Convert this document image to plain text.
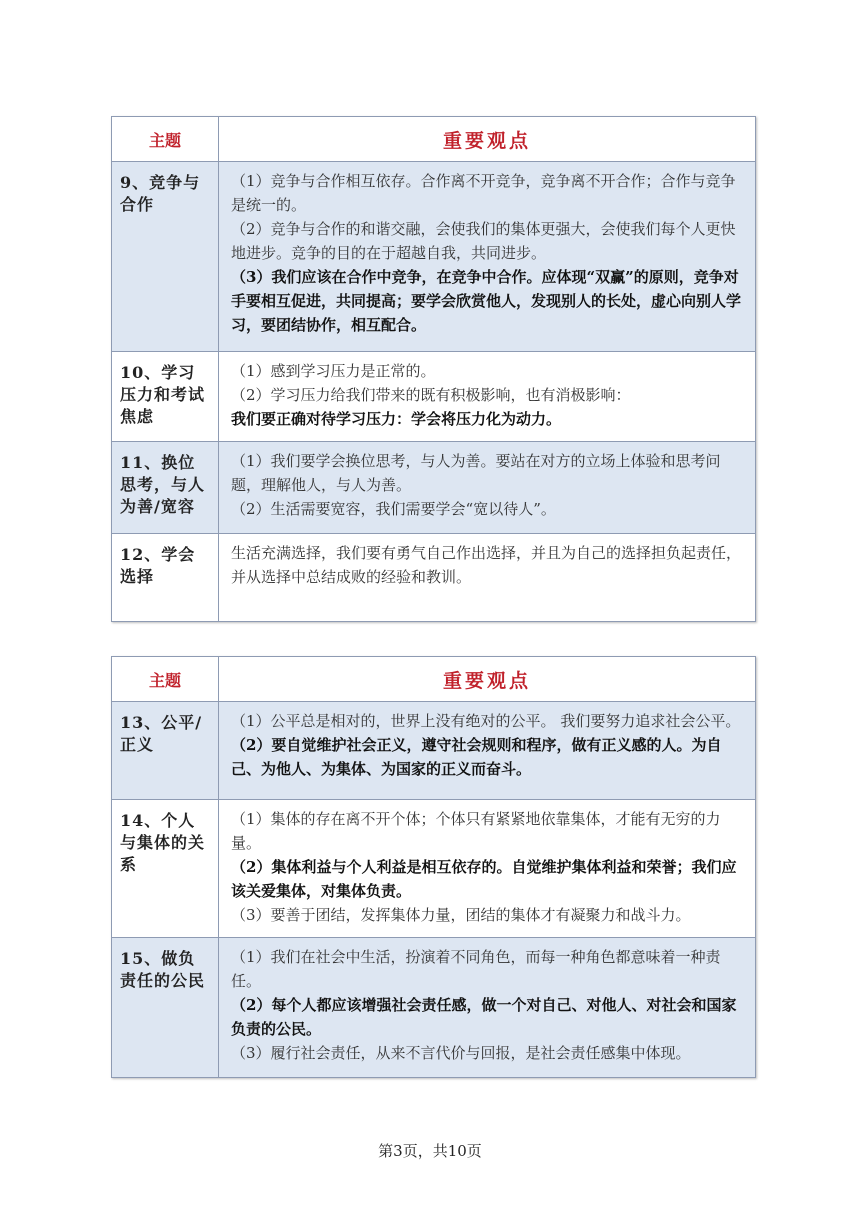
主题	重要观点
9、竞争与合作	（1）竞争与合作相互依存。合作离不开竞争，竞争离不开合作；合作与竞争是统一的。

（2）竞争与合作的和谐交融，会使我们的集体更强大，会使我们每个人更快地进步。竞争的目的在于超越自我，共同进步。

（3）我们应该在合作中竞争，在竞争中合作。应体现“双赢”的原则，竞争对手要相互促进，共同提高；要学会欣赏他人，发现别人的长处，虚心向别人学习，要团结协作，相互配合。

10、学习压力和考试焦虑	（1）感到学习压力是正常的。

（2）学习压力给我们带来的既有积极影响，也有消极影响：

我们要正确对待学习压力：学会将压力化为动力。

11、换位思考，与人为善/宽容	（1）我们要学会换位思考，与人为善。要站在对方的立场上体验和思考问题，理解他人，与人为善。

（2）生活需要宽容，我们需要学会“宽以待人”。

12、学会选择	生活充满选择，我们要有勇气自己作出选择，并且为自己的选择担负起责任，并从选择中总结成败的经验和教训。

主题	重要观点
13、公平/正义	（1）公平总是相对的，世界上没有绝对的公平。 我们要努力追求社会公平。

（2）要自觉维护社会正义，遵守社会规则和程序，做有正义感的人。为自己、为他人、为集体、为国家的正义而奋斗。

14、个人与集体的关系	（1）集体的存在离不开个体；个体只有紧紧地依靠集体，才能有无穷的力量。

（2）集体利益与个人利益是相互依存的。自觉维护集体利益和荣誉；我们应该关爱集体，对集体负责。

（3）要善于团结，发挥集体力量，团结的集体才有凝聚力和战斗力。

15、做负责任的公民	（1）我们在社会中生活，扮演着不同角色，而每一种角色都意味着一种责任。

（2）每个人都应该增强社会责任感，做一个对自己、对他人、对社会和国家负责的公民。

（3）履行社会责任，从来不言代价与回报，是社会责任感集中体现。

第3页，共10页
